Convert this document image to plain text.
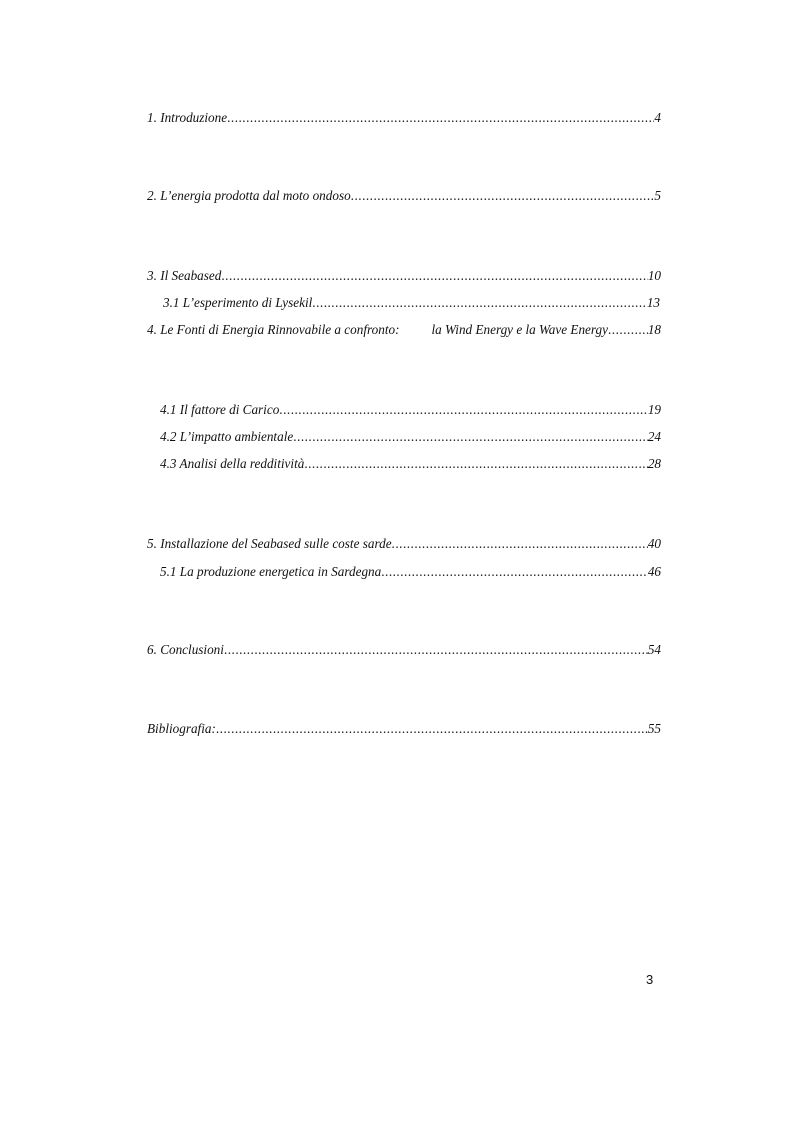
1. Introduzione .....	4
2. L’energia prodotta dal moto ondoso .....	5
3. Il Seabased .....	10
3.1 L’esperimento di Lysekil .....	13
4. Le Fonti di Energia Rinnovabile a confronto: la Wind Energy e la Wave Energy .....	18
4.1 Il fattore di Carico .....	19
4.2 L’impatto ambientale .....	24
4.3 Analisi della redditività .....	28
5. Installazione del Seabased sulle coste sarde .....	40
5.1 La produzione energetica in Sardegna .....	46
6. Conclusioni .....	54
Bibliografia: .....	55
3
